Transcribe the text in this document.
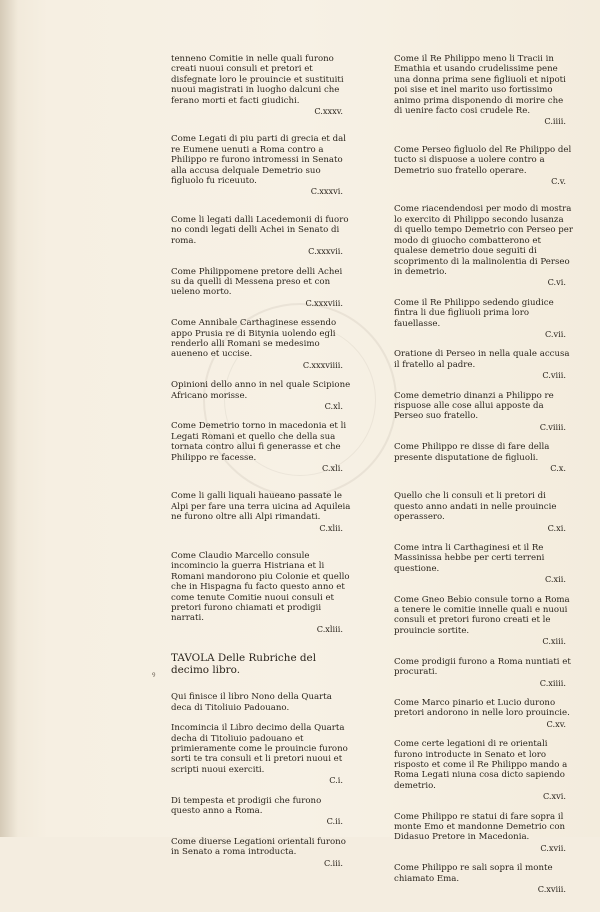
tenneno Comitie in nelle quali furono creati nuoui consuli et pretori et disfegnate loro le prouincie et sustituiti nuoui magistrati in luogho dalcuni che ferano morti et facti giudichi.
C.xxxv.
Come Legati di piu parti di grecia et dal re Eumene uenuti a Roma contro a Philippo re furono intromessi in Senato alla accusa delquale Demetrio suo figluolo fu riceuuto.
C.xxxvi.
Come li legati dalli Lacedemonii di fuoro no condi legati delli Achei in Senato di roma.
C.xxxvii.
Come Philippomene pretore delli Achei su da quelli di Messena preso et con ueleno morto.
C.xxxviii.
Come Annibale Carthaginese essendo appo Prusia re di Bitynia uolendo egli renderlo alli Romani se medesimo aueneno et uccise.
C.xxxviiii.
Opinioni dello anno in nel quale Scipione Africano morisse.
C.xl.
Come Demetrio torno in macedonia et li Legati Romani et quello che della sua tornata contro allui fi generasse et che Philippo re facesse.
C.xli.
Come li galli liquali haueano passate le Alpi per fare una terra uicina ad Aquileia ne furono oltre alli Alpi rimandati.
C.xlii.
Come Claudio Marcello consule incomincio la guerra Histriana et li Romani mandorono piu Colonie et quello che in Hispagna fu facto questo anno et come tenute Comitie nuoui consuli et pretori furono chiamati et prodigii narrati.
C.xliii.
TAVOLA Delle Rubriche del decimo libro.
Qui finisce il libro Nono della Quarta deca di Titoliuio Padouano.
Incomincia il Libro decimo della Quarta decha di Titoliuio padouano et primieramente come le prouincie furono sorti te tra consuli et li pretori nuoui et scripti nuoui exerciti.
C.i.
Di tempesta et prodigii che furono questo anno a Roma.
C.ii.
Come diuerse Legationi orientali furono in Senato a roma introducta.
C.iii.
ꝰ
Come il Re Philippo meno li Tracii in Emathia et usando crudelissime pene una donna prima sene figliuoli et nipoti poi sise et inel marito uso fortissimo animo prima disponendo di morire che di uenire facto cosi crudele Re.
C.iiii.
Come Perseo figluolo del Re Philippo del tucto si dispuose a uolere contro a Demetrio suo fratello operare.
C.v.
Come riacendendosi per modo di mostra lo exercito di Philippo secondo lusanza di quello tempo Demetrio con Perseo per modo di giuocho combatterono et qualese demetrio doue seguiti di scoprimento di la malinolentia di Perseo in demetrio.
C.vi.
Come il Re Philippo sedendo giudice fintra li due figliuoli prima loro fauellasse.
C.vii.
Oratione di Perseo in nella quale accusa il fratello al padre.
C.viii.
Come demetrio dinanzi a Philippo re rispuose alle cose allui apposte da Perseo suo fratello.
C.viiii.
Come Philippo re disse di fare della presente disputatione de figluoli.
C.x.
Quello che li consuli et li pretori di questo anno andati in nelle prouincie operassero.
C.xi.
Come intra li Carthaginesi et il Re Massinissa hebbe per certi terreni questione.
C.xii.
Come Gneo Bebio consule torno a Roma a tenere le comitie innelle quali e nuoui consuli et pretori furono creati et le prouincie sortite.
C.xiii.
Come prodigii furono a Roma nuntiati et procurati.
C.xiiii.
Come Marco pinario et Lucio durono pretori andorono in nelle loro prouincie.
C.xv.
Come certe legationi di re orientali furono introducte in Senato et loro risposto et come il Re Philippo mando a Roma Legati niuna cosa dicto sapiendo demetrio.
C.xvi.
Come Philippo re statui di fare sopra il monte Emo et mandonne Demetrio con Didasuo Pretore in Macedonia.
C.xvii.
Come Philippo re sali sopra il monte chiamato Ema.
C.xviii.
